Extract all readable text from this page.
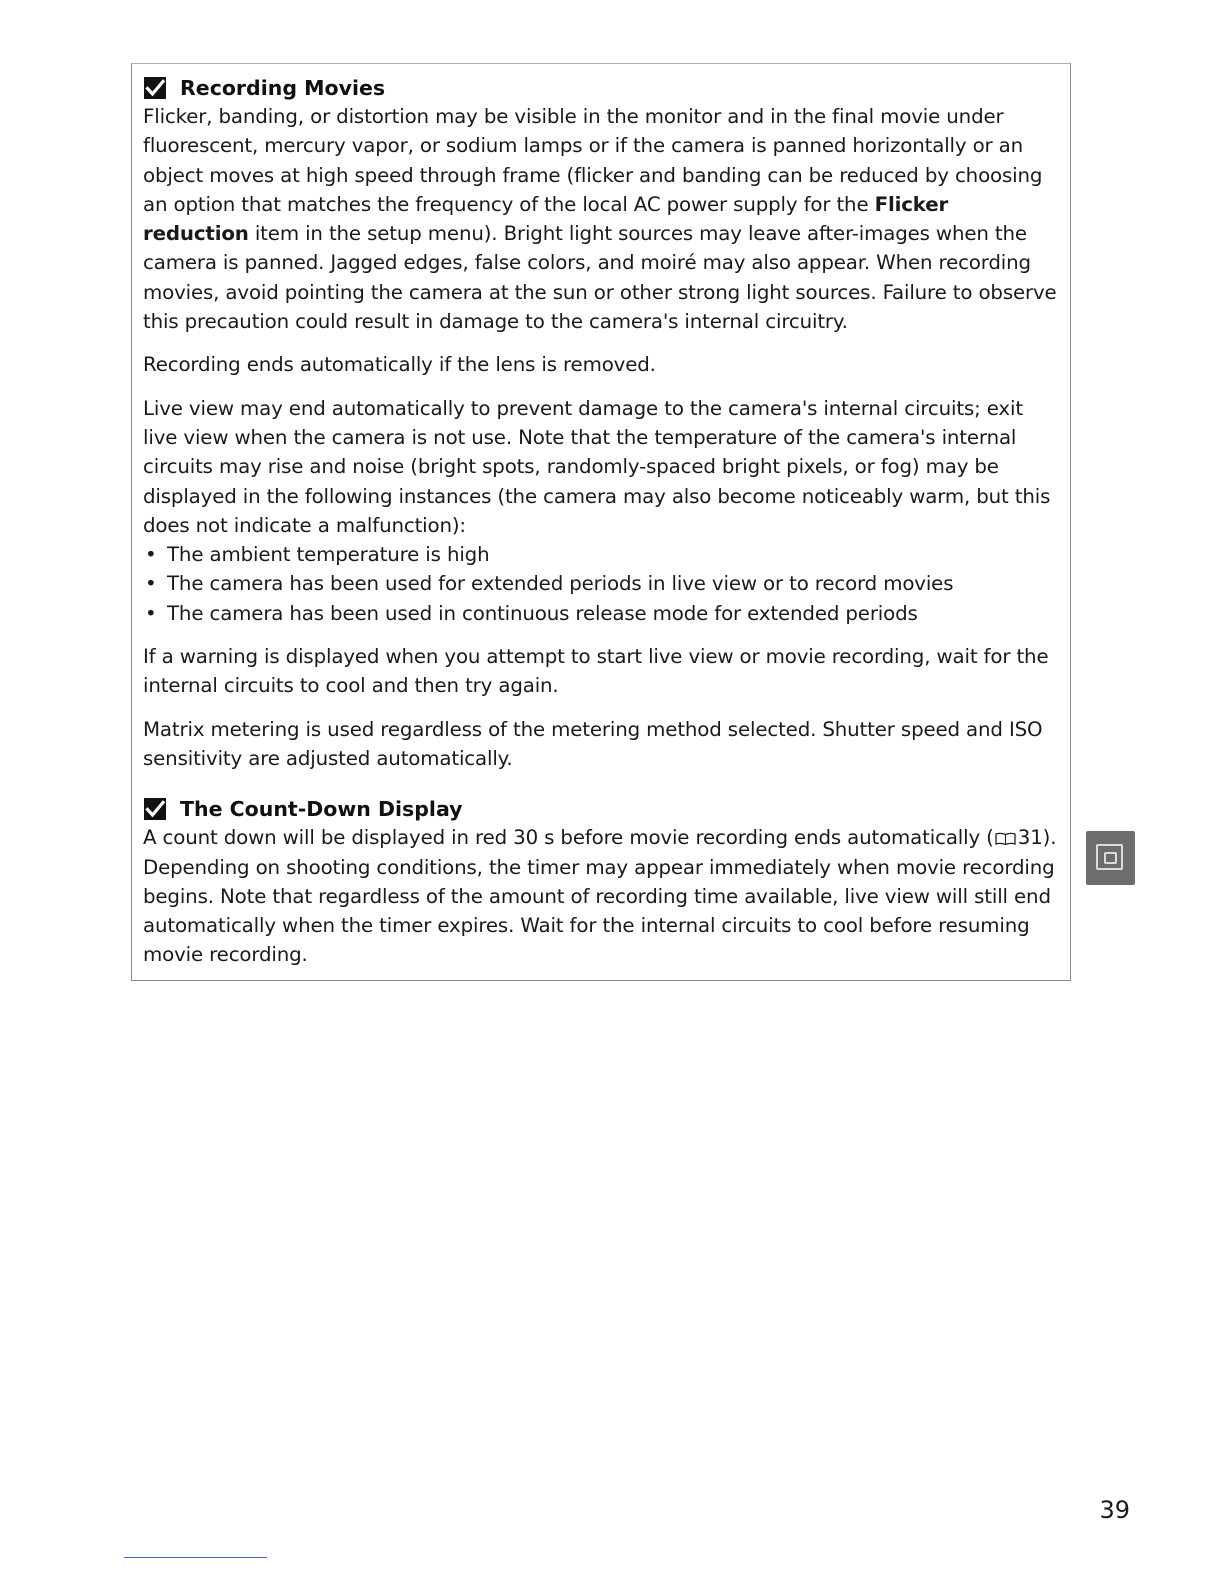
Recording Movies

Flicker, banding, or distortion may be visible in the monitor and in the final movie under fluorescent, mercury vapor, or sodium lamps or if the camera is panned horizontally or an object moves at high speed through frame (flicker and banding can be reduced by choosing an option that matches the frequency of the local AC power supply for the Flicker reduction item in the setup menu). Bright light sources may leave after-images when the camera is panned. Jagged edges, false colors, and moiré may also appear. When recording movies, avoid pointing the camera at the sun or other strong light sources. Failure to observe this precaution could result in damage to the camera's internal circuitry.

Recording ends automatically if the lens is removed.

Live view may end automatically to prevent damage to the camera's internal circuits; exit live view when the camera is not use. Note that the temperature of the camera's internal circuits may rise and noise (bright spots, randomly-spaced bright pixels, or fog) may be displayed in the following instances (the camera may also become noticeably warm, but this does not indicate a malfunction):
• The ambient temperature is high
• The camera has been used for extended periods in live view or to record movies
• The camera has been used in continuous release mode for extended periods

If a warning is displayed when you attempt to start live view or movie recording, wait for the internal circuits to cool and then try again.

Matrix metering is used regardless of the metering method selected. Shutter speed and ISO sensitivity are adjusted automatically.

The Count-Down Display

A count down will be displayed in red 30 s before movie recording ends automatically ( 31). Depending on shooting conditions, the timer may appear immediately when movie recording begins. Note that regardless of the amount of recording time available, live view will still end automatically when the timer expires. Wait for the internal circuits to cool before resuming movie recording.

39
